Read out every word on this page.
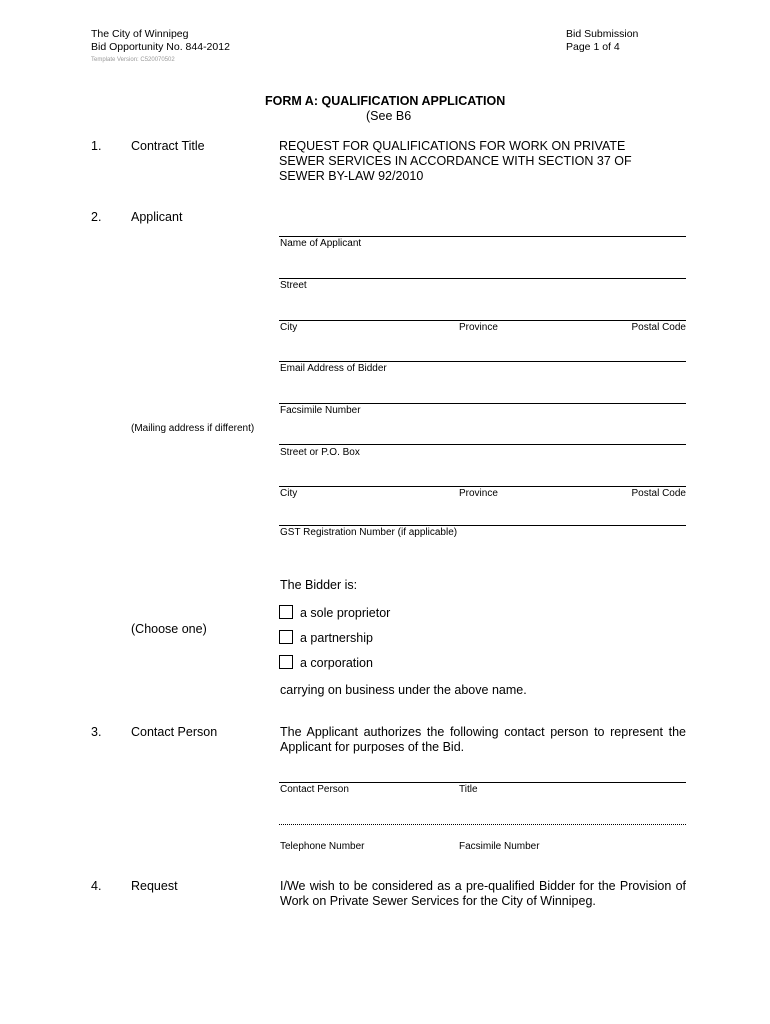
The City of Winnipeg
Bid Opportunity No. 844-2012
Template Version: C520070502
Bid Submission
Page 1 of 4
FORM A: QUALIFICATION APPLICATION
(See B6
1. Contract Title	REQUEST FOR QUALIFICATIONS FOR WORK ON PRIVATE SEWER SERVICES IN ACCORDANCE WITH SECTION 37 OF SEWER BY-LAW 92/2010
2. Applicant
Name of Applicant
Street
City	Province	Postal Code
Email Address of Bidder
Facsimile Number
(Mailing address if different)
Street or P.O. Box
City	Province	Postal Code
GST Registration Number (if applicable)
The Bidder is:
a sole proprietor
(Choose one)
a partnership
a corporation
carrying on business under the above name.
3. Contact Person	The Applicant authorizes the following contact person to represent the Applicant for purposes of the Bid.
Contact Person	Title
Telephone Number	Facsimile Number
4. Request	I/We wish to be considered as a pre-qualified Bidder for the Provision of Work on Private Sewer Services for the City of Winnipeg.
